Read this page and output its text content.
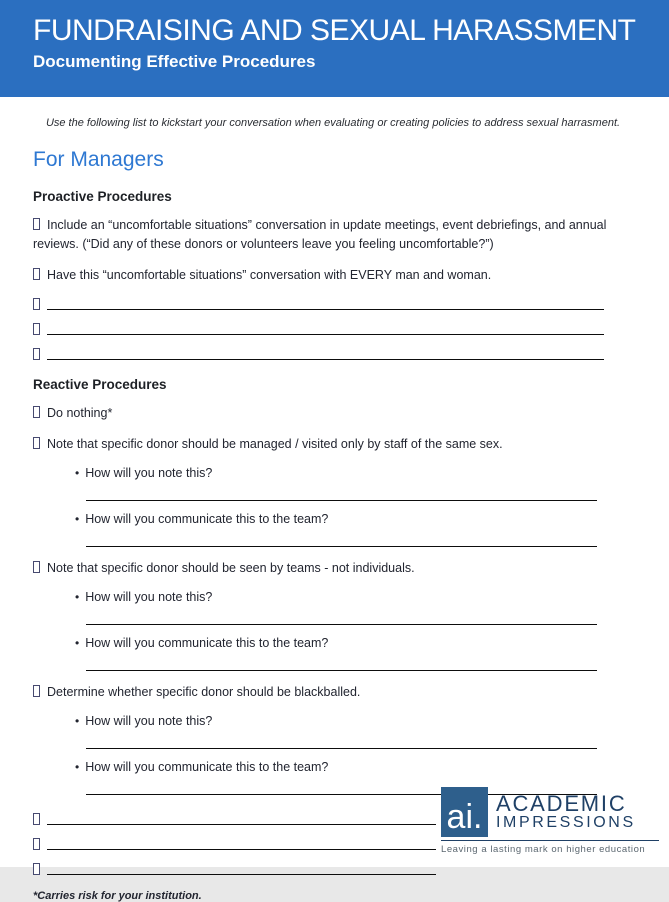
FUNDRAISING AND SEXUAL HARASSMENT
Documenting Effective Procedures

Use the following list to kickstart your conversation when evaluating or creating policies to address sexual harrasment.

For Managers
Proactive Procedures

Include an “uncomfortable situations” conversation in update meetings, event debriefings, and annual reviews. (“Did any of these donors or volunteers leave you feeling uncomfortable?”)

Have this “uncomfortable situations” conversation with EVERY man and woman.

Reactive Procedures

Do nothing*

Note that specific donor should be managed / visited only by staff of the same sex.

• How will you note this?

• How will you communicate this to the team?

Note that specific donor should be seen by teams - not individuals.

• How will you note this?

• How will you communicate this to the team?

Determine whether specific donor should be blackballed.

• How will you note this?

• How will you communicate this to the team?

*Carries risk for your institution.

ai. ACADEMIC
IMPRESSIONS
Leaving a lasting mark on higher education
